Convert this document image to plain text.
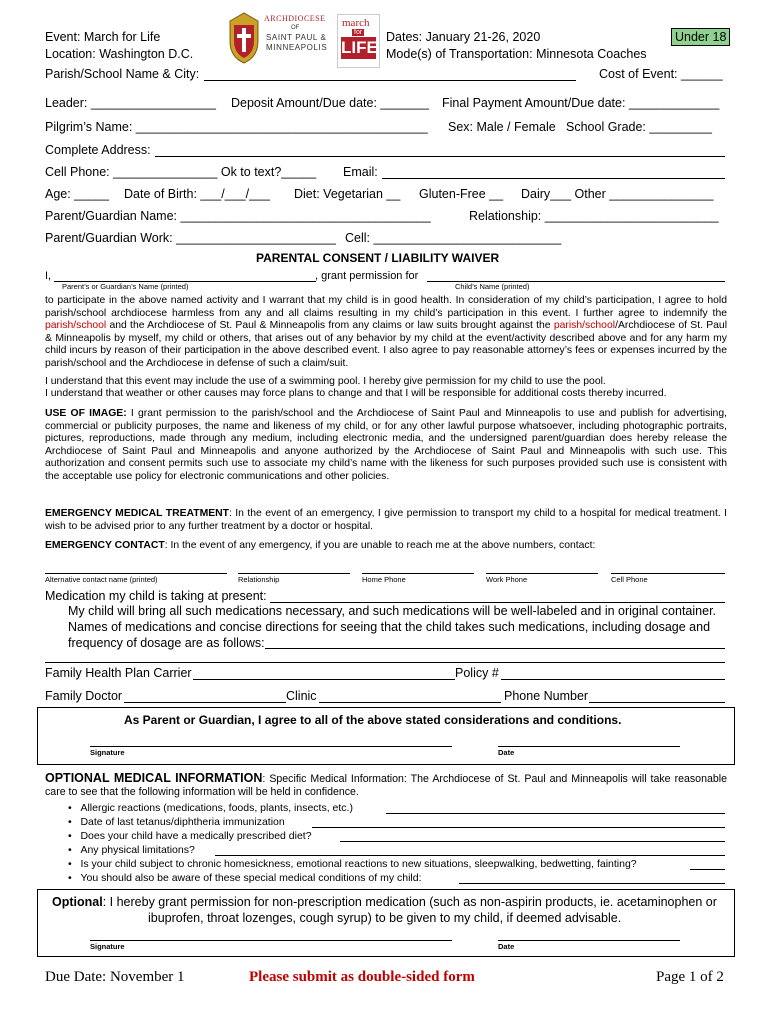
Event: March for Life
Location: Washington D.C.
Parish/School Name & City:	Cost of Event: ______
ARCHDIOCESE
OF
SAINT PAUL &
MINNEAPOLIS
march
for
LIFE
Dates: January 21-26, 2020
Mode(s) of Transportation: Minnesota Coaches
Under 18
Leader: __________________ Deposit Amount/Due date: _______ Final Payment Amount/Due date: _____________
Pilgrim’s Name: __________________________________________ Sex: Male / Female School Grade: _________
Complete Address:
Cell Phone: _______________ Ok to text?_____ Email:
Age: _____ Date of Birth: ___/___/___ Diet: Vegetarian __ Gluten-Free __ Dairy___ Other _______________
Parent/Guardian Name: ____________________________________	Relationship: _________________________
Parent/Guardian Work: _______________________ Cell: ___________________________
PARENTAL CONSENT / LIABILITY WAIVER
I,	, grant permission for
Parent’s or Guardian’s Name (printed)	Child’s Name (printed)
to participate in the above named activity and I warrant that my child is in good health. In consideration of my child’s participation, I agree to hold parish/school archdiocese harmless from any and all claims resulting in my child’s participation in this event. I further agree to indemnify the parish/school and the Archdiocese of St. Paul & Minneapolis from any claims or law suits brought against the parish/school/Archdiocese of St. Paul & Minneapolis by myself, my child or others, that arises out of any behavior by my child at the event/activity described above and for any harm my child incurs by reason of their participation in the above described event. I also agree to pay reasonable attorney’s fees or expenses incurred by the parish/school and the Archdiocese in defense of such a claim/suit.
I understand that this event may include the use of a swimming pool. I hereby give permission for my child to use the pool.
I understand that weather or other causes may force plans to change and that I will be responsible for additional costs thereby incurred.
USE OF IMAGE: I grant permission to the parish/school and the Archdiocese of Saint Paul and Minneapolis to use and publish for advertising, commercial or publicity purposes, the name and likeness of my child, or for any other lawful purpose whatsoever, including photographic portraits, pictures, reproductions, made through any medium, including electronic media, and the undersigned parent/guardian does hereby release the Archdiocese of Saint Paul and Minneapolis and anyone authorized by the Archdiocese of Saint Paul and Minneapolis with such use. This authorization and consent permits such use to associate my child’s name with the likeness for such purposes provided such use is consistent with the acceptable use policy for electronic communications and other policies.
EMERGENCY MEDICAL TREATMENT: In the event of an emergency, I give permission to transport my child to a hospital for medical treatment. I wish to be advised prior to any further treatment by a doctor or hospital.
EMERGENCY CONTACT: In the event of any emergency, if you are unable to reach me at the above numbers, contact:
Alternative contact name (printed)	Relationship	Home Phone	Work Phone	Cell Phone
Medication my child is taking at present:
My child will bring all such medications necessary, and such medications will be well-labeled and in original container.
Names of medications and concise directions for seeing that the child takes such medications, including dosage and
frequency of dosage are as follows:
Family Health Plan Carrier	Policy #
Family Doctor	Clinic	Phone Number
As Parent or Guardian, I agree to all of the above stated considerations and conditions.
Signature	Date
OPTIONAL MEDICAL INFORMATION: Specific Medical Information: The Archdiocese of St. Paul and Minneapolis will take reasonable care to see that the following information will be held in confidence.
•   Allergic reactions (medications, foods, plants, insects, etc.)
•   Date of last tetanus/diphtheria immunization
•   Does your child have a medically prescribed diet?
•   Any physical limitations?
•   Is your child subject to chronic homesickness, emotional reactions to new situations, sleepwalking, bedwetting, fainting?
•   You should also be aware of these special medical conditions of my child:
Optional: I hereby grant permission for non-prescription medication (such as non-aspirin products, ie. acetaminophen or
ibuprofen, throat lozenges, cough syrup) to be given to my child, if deemed advisable.
Signature	Date
Due Date: November 1	Please submit as double-sided form	Page 1 of 2
